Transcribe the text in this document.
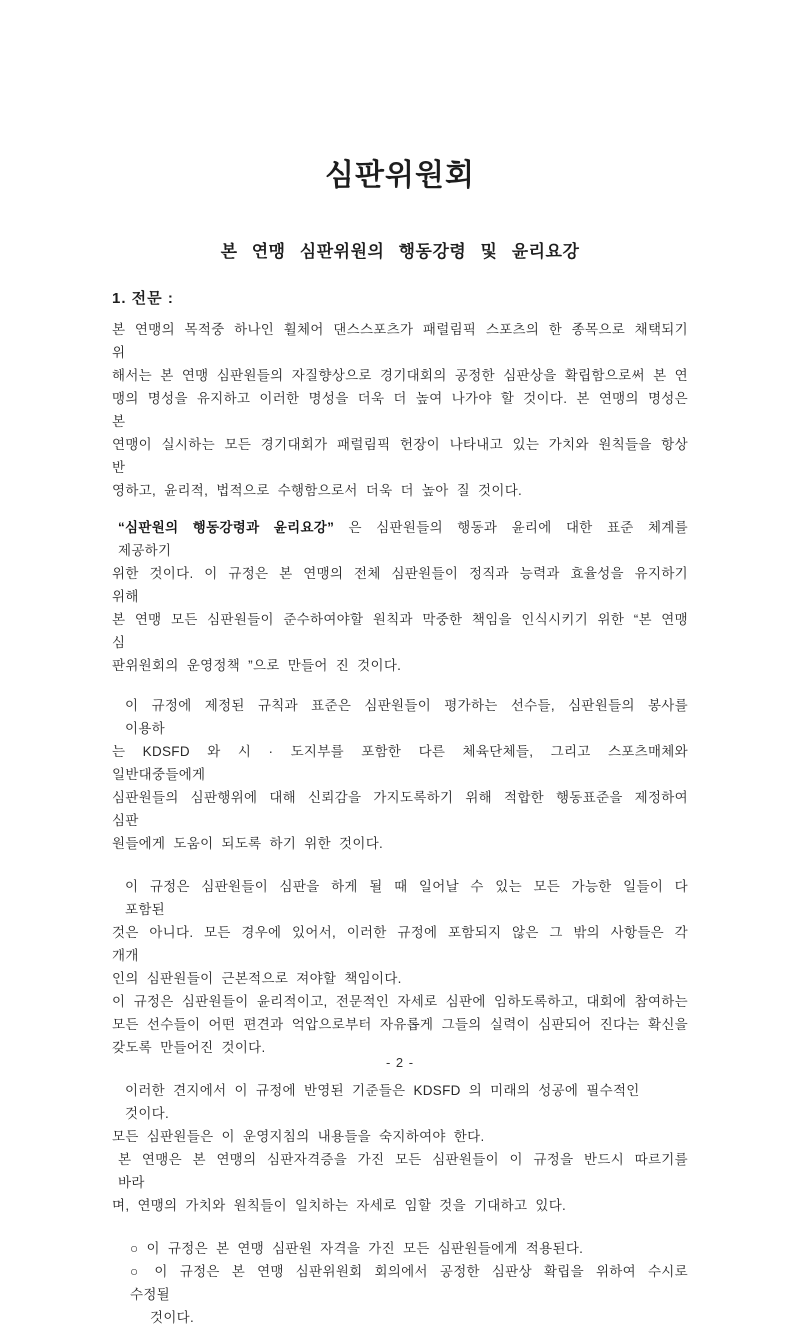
심판위원회
본 연맹 심판위원의 행동강령 및 윤리요강
1. 전문 :
본 연맹의 목적중 하나인 휠체어 댄스스포츠가 패럴림픽 스포츠의 한 종목으로 채택되기 위
해서는 본 연맹 심판원들의 자질향상으로 경기대회의 공정한 심판상을 확립함으로써 본 연
맹의 명성을 유지하고 이러한 명성을 더욱 더 높여 나가야 할 것이다. 본 연맹의 명성은 본
연맹이 실시하는 모든 경기대회가 패럴림픽 헌장이 나타내고 있는 가치와 원칙들을 항상 반
영하고, 윤리적, 법적으로 수행함으로서 더욱 더 높아 질 것이다.
“심판원의 행동강령과 윤리요강” 은 심판원들의 행동과 윤리에 대한 표준 체계를 제공하기
위한 것이다. 이 규정은 본 연맹의 전체 심판원들이 정직과 능력과 효율성을 유지하기 위해
본 연맹 모든 심판원들이 준수하여야할 원칙과 막중한 책임을 인식시키기 위한 “본 연맹 심
판위원회의 운영정책 ”으로 만들어 진 것이다.
이 규정에 제정된 규칙과 표준은 심판원들이 평가하는 선수들, 심판원들의 봉사를 이용하
는 KDSFD 와 시 · 도지부를 포함한 다른 체육단체들, 그리고 스포츠매체와 일반대중들에게
심판원들의 심판행위에 대해 신뢰감을 가지도록하기 위해 적합한 행동표준을 제정하여 심판
원들에게 도움이 되도록 하기 위한 것이다.
이 규정은 심판원들이 심판을 하게 될 때 일어날 수 있는 모든 가능한 일들이 다 포함된
것은 아니다. 모든 경우에 있어서, 이러한 규정에 포함되지 않은 그 밖의 사항들은 각 개개
인의 심판원들이 근본적으로 져야할 책임이다.
이 규정은 심판원들이 윤리적이고, 전문적인 자세로 심판에 임하도록하고, 대회에 참여하는
모든 선수들이 어떤 편견과 억압으로부터 자유롭게 그들의 실력이 심판되어 진다는 확신을
갖도록 만들어진 것이다.
이러한 견지에서 이 규정에 반영된 기준들은 KDSFD 의 미래의 성공에 필수적인 것이다.
모든 심판원들은 이 운영지침의 내용들을 숙지하여야 한다.
본 연맹은 본 연맹의 심판자격증을 가진 모든 심판원들이 이 규정을 반드시 따르기를 바라
며, 연맹의 가치와 원칙들이 일치하는 자세로 임할 것을 기대하고 있다.
○ 이 규정은 본 연맹 심판원 자격을 가진 모든 심판원들에게 적용된다.
○ 이 규정은 본 연맹 심판위원회 회의에서 공정한 심판상 확립을 위하여 수시로 수정될
것이다.
- 2 -
